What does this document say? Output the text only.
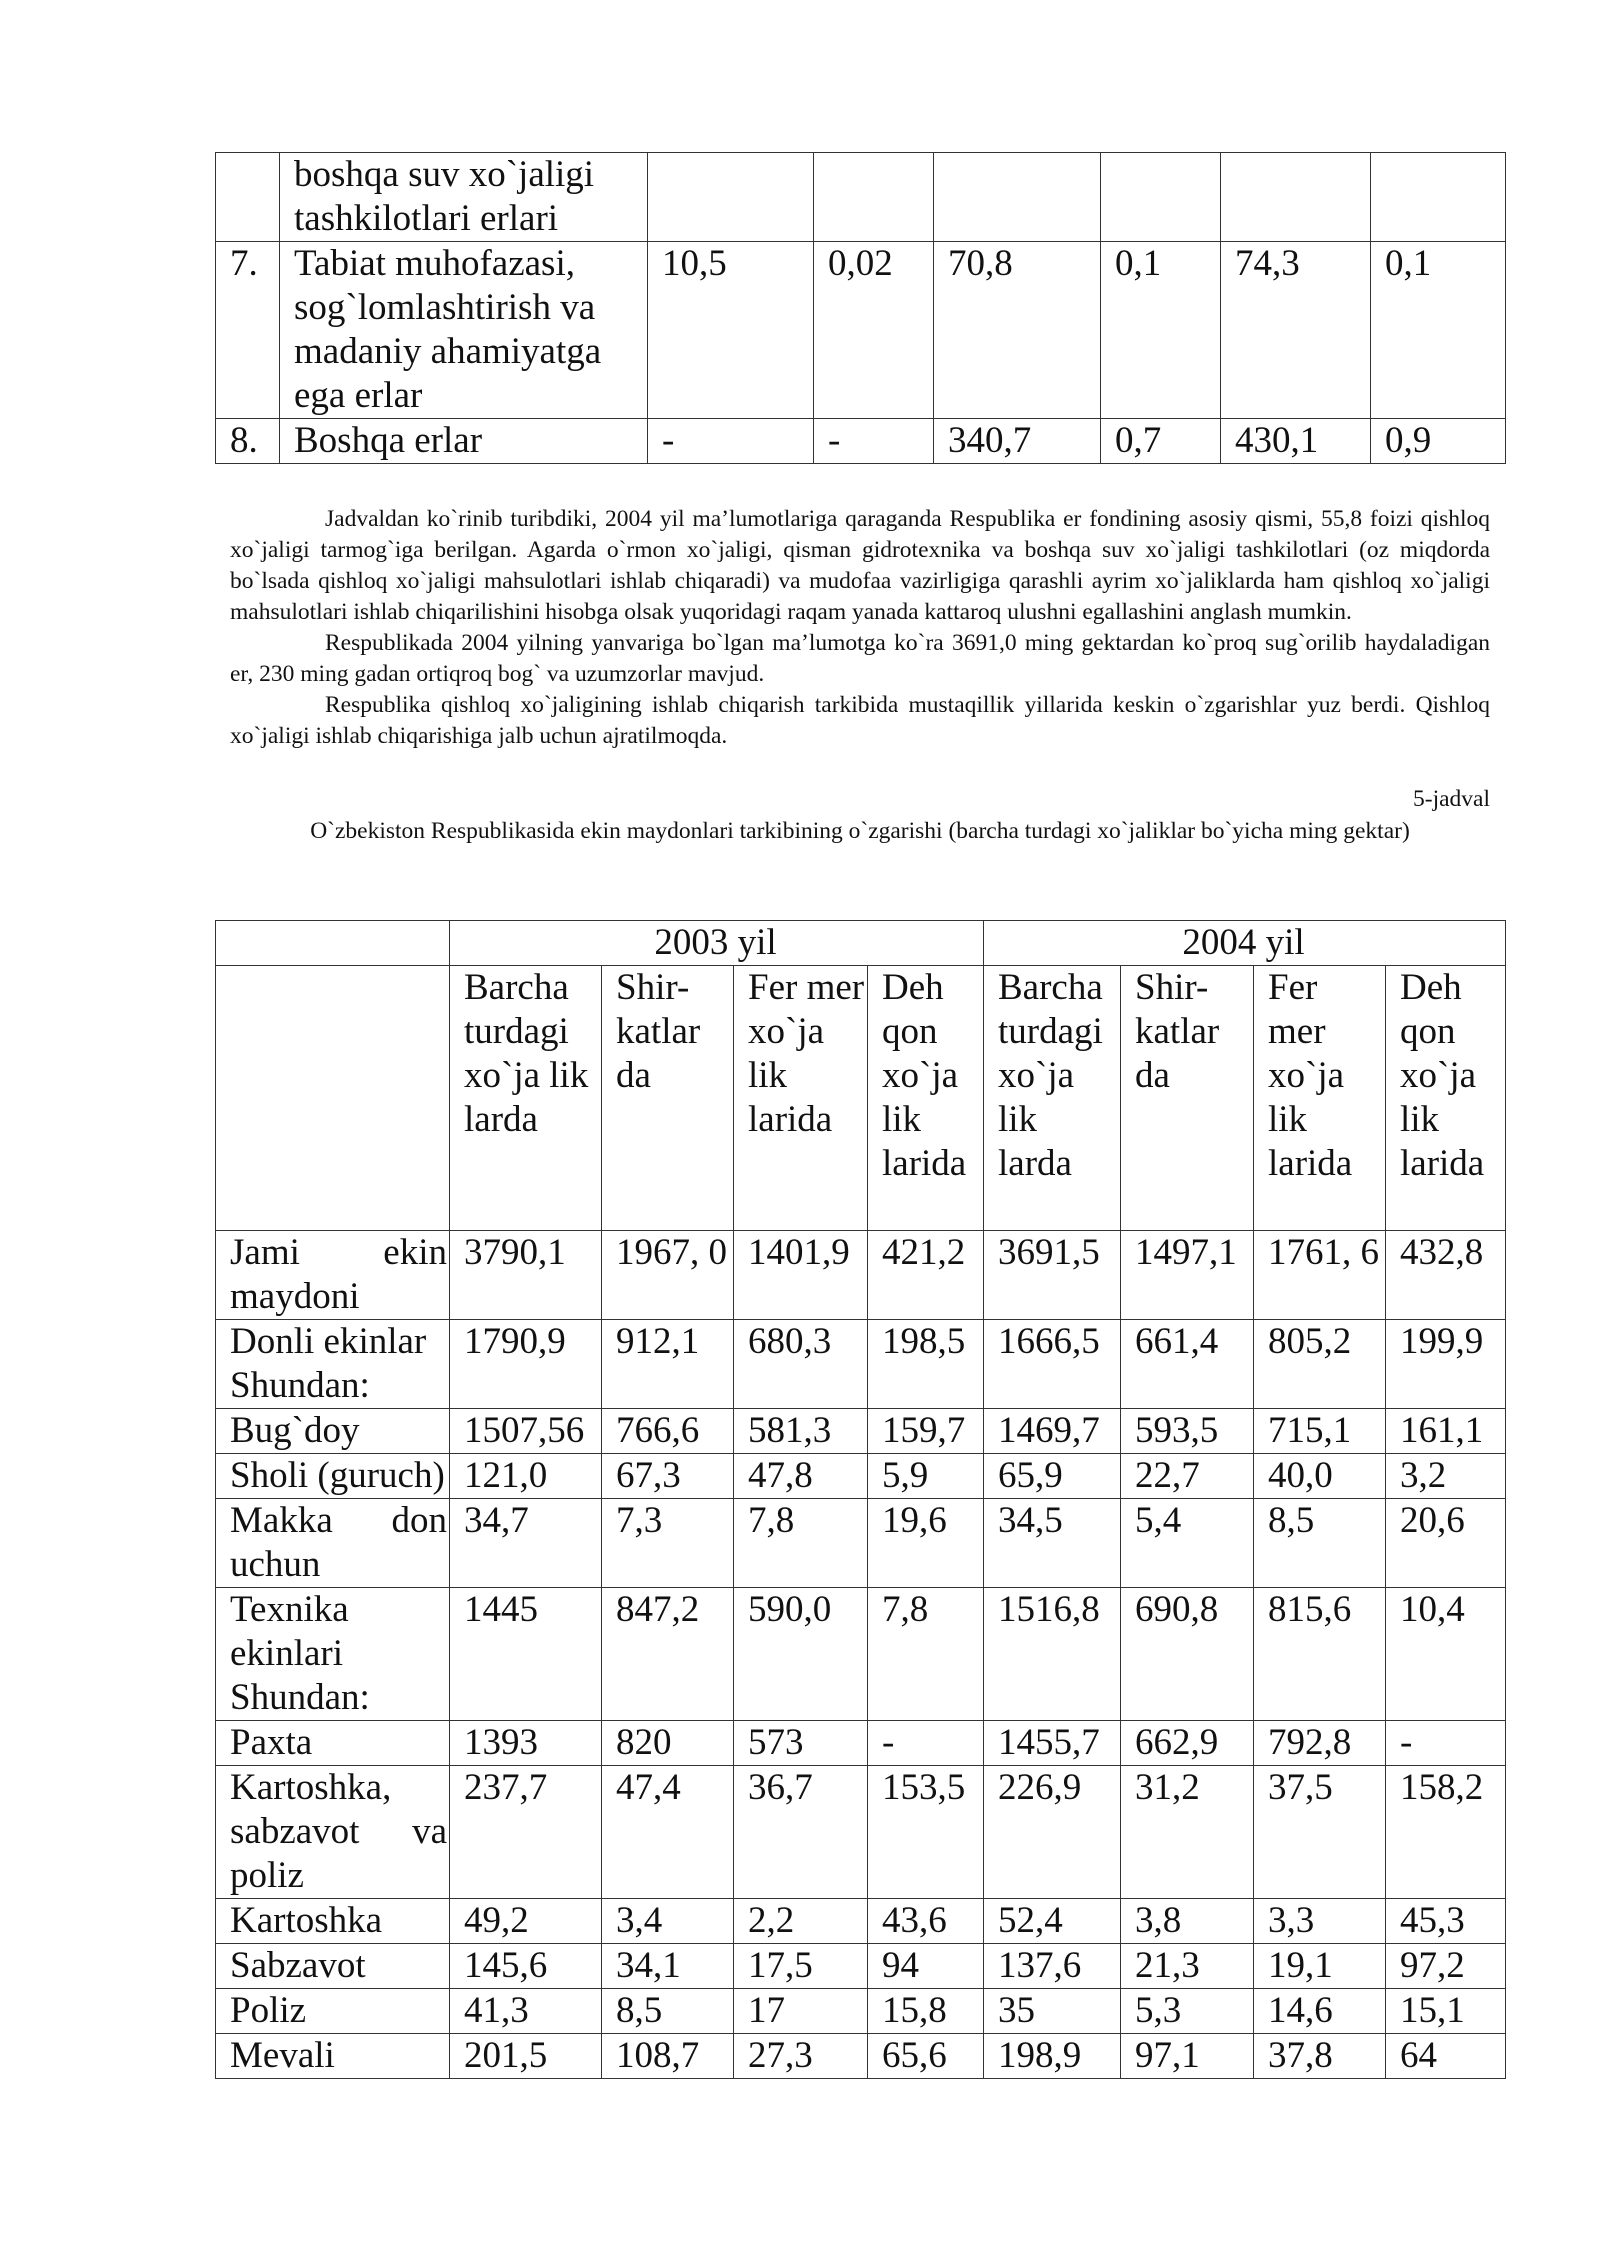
	boshqa suv xo`jaligi tashkilotlari erlari						
7.	Tabiat muhofazasi, sog`lomlashtirish va madaniy ahamiyatga ega erlar	10,5	0,02	70,8	0,1	74,3	0,1
8.	Boshqa erlar	-	-	340,7	0,7	430,1	0,9

Jadvaldan ko`rinib turibdiki, 2004 yil ma’lumotlariga qaraganda Respublika er fondining asosiy qismi, 55,8 foizi qishloq xo`jaligi tarmog`iga berilgan. Agarda o`rmon xo`jaligi, qisman gidrotexnika va boshqa suv xo`jaligi tashkilotlari (oz miqdorda bo`lsada qishloq xo`jaligi mahsulotlari ishlab chiqaradi) va mudofaa vazirligiga qarashli ayrim xo`jaliklarda ham qishloq xo`jaligi mahsulotlari ishlab chiqarilishini hisobga olsak yuqoridagi raqam yanada kattaroq ulushni egallashini anglash mumkin.

Respublikada 2004 yilning yanvariga bo`lgan ma’lumotga ko`ra 3691,0 ming gektardan ko`proq sug`orilib haydaladigan er, 230 ming gadan ortiqroq bog` va uzumzorlar mavjud.

Respublika qishloq xo`jaligining ishlab chiqarish tarkibida mustaqillik yillarida keskin o`zgarishlar yuz berdi. Qishloq xo`jaligi ishlab chiqarishiga jalb uchun ajratilmoqda.

5-jadval
O`zbekiston Respublikasida ekin maydonlari tarkibining o`zgarishi (barcha turdagi xo`jaliklar bo`yicha ming gektar)
	2003 yil				2004 yil			
	Barcha turdagi xo`ja lik larda	Shir- katlar da	Fer mer xo`ja lik larida	Deh qon xo`ja lik larida	Barcha turdagi xo`ja lik larda	Shir- katlar da	Fer mer xo`ja lik larida	Deh qon xo`ja lik larida
Jami ekin maydoni	3790,1	1967, 0	1401,9	421,2	3691,5	1497,1	1761, 6	432,8
Donli ekinlar Shundan:	1790,9	912,1	680,3	198,5	1666,5	661,4	805,2	199,9
Bug`doy	1507,56	766,6	581,3	159,7	1469,7	593,5	715,1	161,1
Sholi (guruch)	121,0	67,3	47,8	5,9	65,9	22,7	40,0	3,2
Makka don uchun	34,7	7,3	7,8	19,6	34,5	5,4	8,5	20,6
Texnika ekinlari Shundan:	1445	847,2	590,0	7,8	1516,8	690,8	815,6	10,4
Paxta	1393	820	573	-	1455,7	662,9	792,8	-
Kartoshka, sabzavot va poliz	237,7	47,4	36,7	153,5	226,9	31,2	37,5	158,2
Kartoshka	49,2	3,4	2,2	43,6	52,4	3,8	3,3	45,3
Sabzavot	145,6	34,1	17,5	94	137,6	21,3	19,1	97,2
Poliz	41,3	8,5	17	15,8	35	5,3	14,6	15,1
Mevali	201,5	108,7	27,3	65,6	198,9	97,1	37,8	64
